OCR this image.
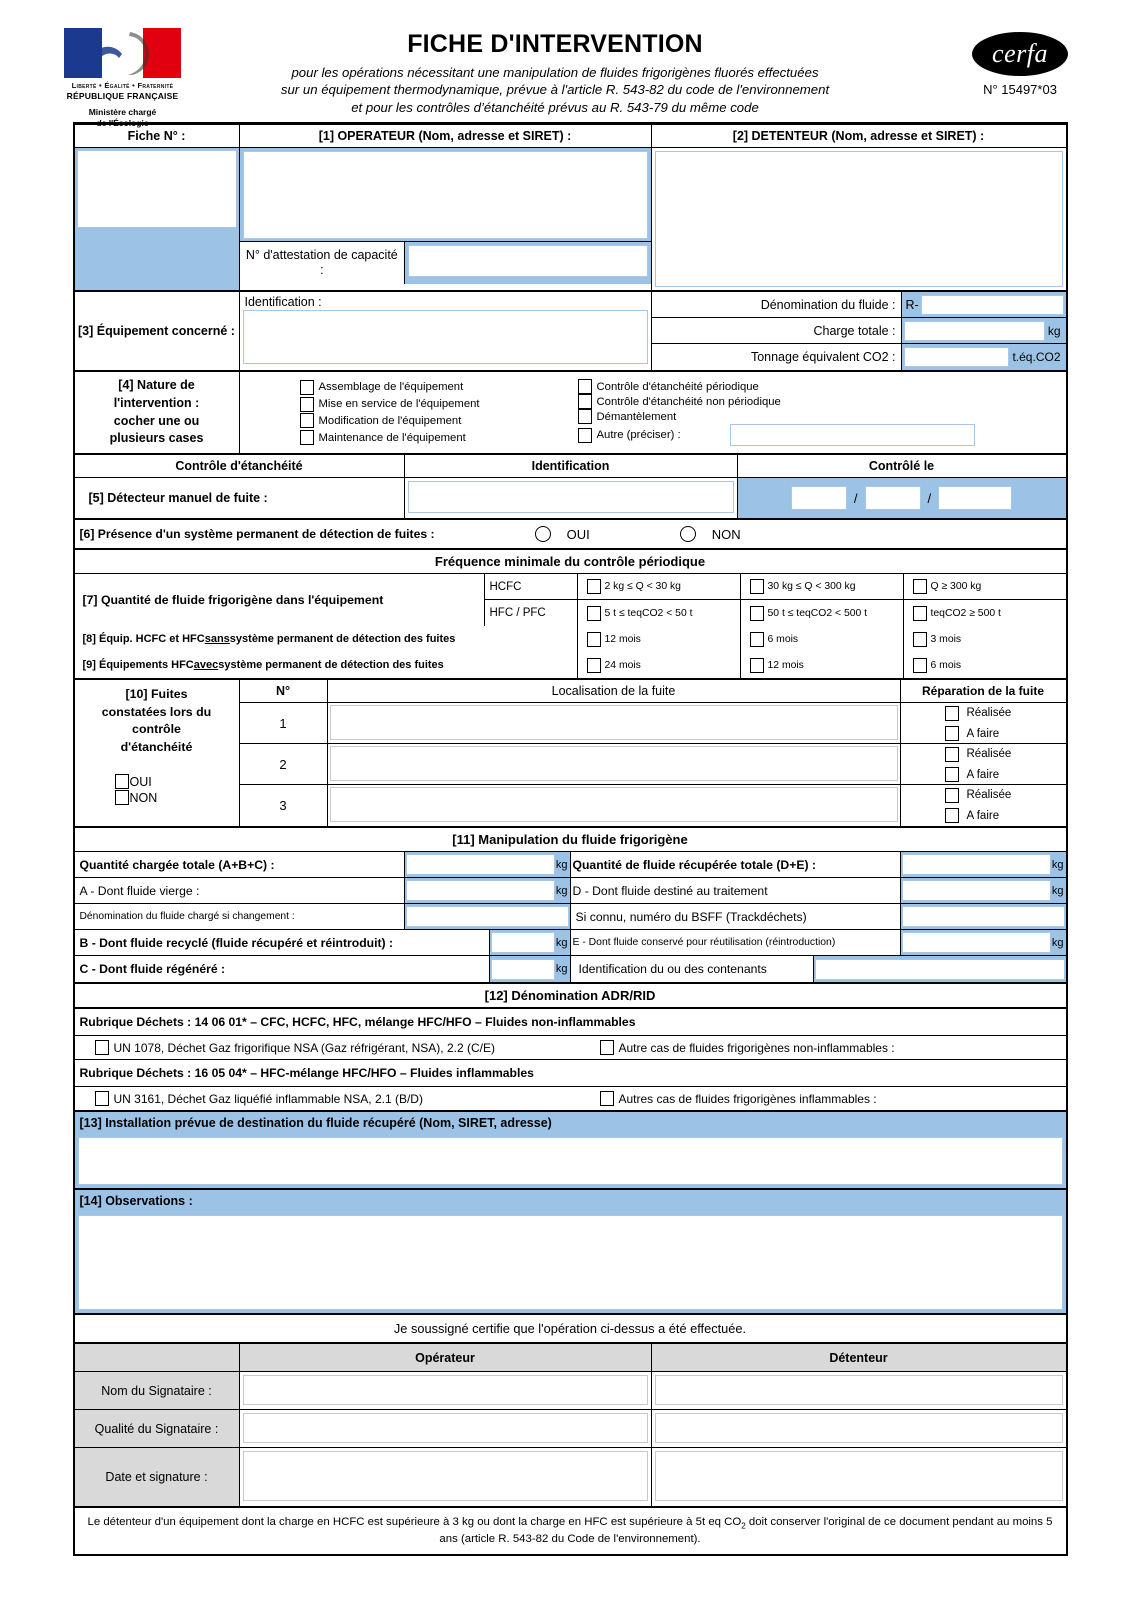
Liberté • Égalité • Fraternité
RÉPUBLIQUE FRANÇAISE
Ministère chargé
de l'Écologie
FICHE D'INTERVENTION
pour les opérations nécessitant une manipulation de fluides frigorigènes fluorés effectuées
sur un équipement thermodynamique, prévue à l'article R. 543-82 du code de l'environnement
et pour les contrôles d’étanchéité prévus au R. 543-79 du même code
cerfa
N° 15497*03
Fiche N° :	[1] OPERATEUR (Nom, adresse et SIRET) :	[2] DETENTEUR (Nom, adresse et SIRET) :
N° d'attestation de capacité :
[3] Équipement concerné :
Identification :	Dénomination du fluide : R-
Charge totale :	kg
Tonnage équivalent CO2 :	t.éq.CO2
[4] Nature de
l'intervention :
cocher une ou
plusieurs cases
Assemblage de l'équipement
Mise en service de l'équipement
Modification de l'équipement
Maintenance de l'équipement
Contrôle d'étanchéité périodique
Contrôle d'étanchéité non périodique
Démantèlement
Autre (préciser) :
Contrôle d'étanchéité	Identification	Contrôlé le
[5] Détecteur manuel de fuite :	/	/
[6] Présence d'un système permanent de détection de fuites :	OUI	NON
Fréquence minimale du contrôle périodique
[7] Quantité de fluide frigorigène dans l'équipement
HCFC	2 kg ≤ Q < 30 kg	30 kg ≤ Q < 300 kg	Q ≥ 300 kg
HFC / PFC	5 t ≤ teqCO2 < 50 t	50 t ≤ teqCO2 < 500 t	teqCO2 ≥ 500 t
[8] Équip. HCFC et HFC sans système permanent de détection des fuites	12 mois	6 mois	3 mois
[9] Équipements HFC avec système permanent de détection des fuites	24 mois	12 mois	6 mois
[10] Fuites
constatées lors du
contrôle
d'étanchéité
OUI
NON
N°	Localisation de la fuite	Réparation de la fuite
1
Réalisée
A faire
2
Réalisée
A faire
3
Réalisée
A faire
[11] Manipulation du fluide frigorigène
Quantité chargée totale (A+B+C) :	kg Quantité de fluide récupérée totale (D+E) :	kg
A - Dont fluide vierge :	kg D - Dont fluide destiné au traitement	kg
Dénomination du fluide chargé si changement :	Si connu, numéro du BSFF (Trackdéchets)
B - Dont fluide recyclé (fluide récupéré et réintroduit) :	kg E - Dont fluide conservé pour réutilisation (réintroduction)	kg
C - Dont fluide régénéré :	kg Identification du ou des contenants
[12] Dénomination ADR/RID
Rubrique Déchets : 14 06 01* – CFC, HCFC, HFC, mélange HFC/HFO – Fluides non-inflammables
UN 1078, Déchet Gaz frigorifique NSA (Gaz réfrigérant, NSA), 2.2 (C/E)	Autre cas de fluides frigorigènes non-inflammables :
Rubrique Déchets : 16 05 04* – HFC-mélange HFC/HFO – Fluides inflammables
UN 3161, Déchet Gaz liquéfié inflammable NSA, 2.1 (B/D)	Autres cas de fluides frigorigènes inflammables :
[13] Installation prévue de destination du fluide récupéré (Nom, SIRET, adresse)
[14] Observations :
Je soussigné certifie que l'opération ci-dessus a été effectuée.
Opérateur	Détenteur
Nom du Signataire :
Qualité du Signataire :
Date et signature :
Le détenteur d'un équipement dont la charge en HCFC est supérieure à 3 kg ou dont la charge en HFC est supérieure à 5t eq $CO_2$ doit conserver l'original de ce document pendant au moins 5 ans (article R. 543-82 du Code de l'environnement).
